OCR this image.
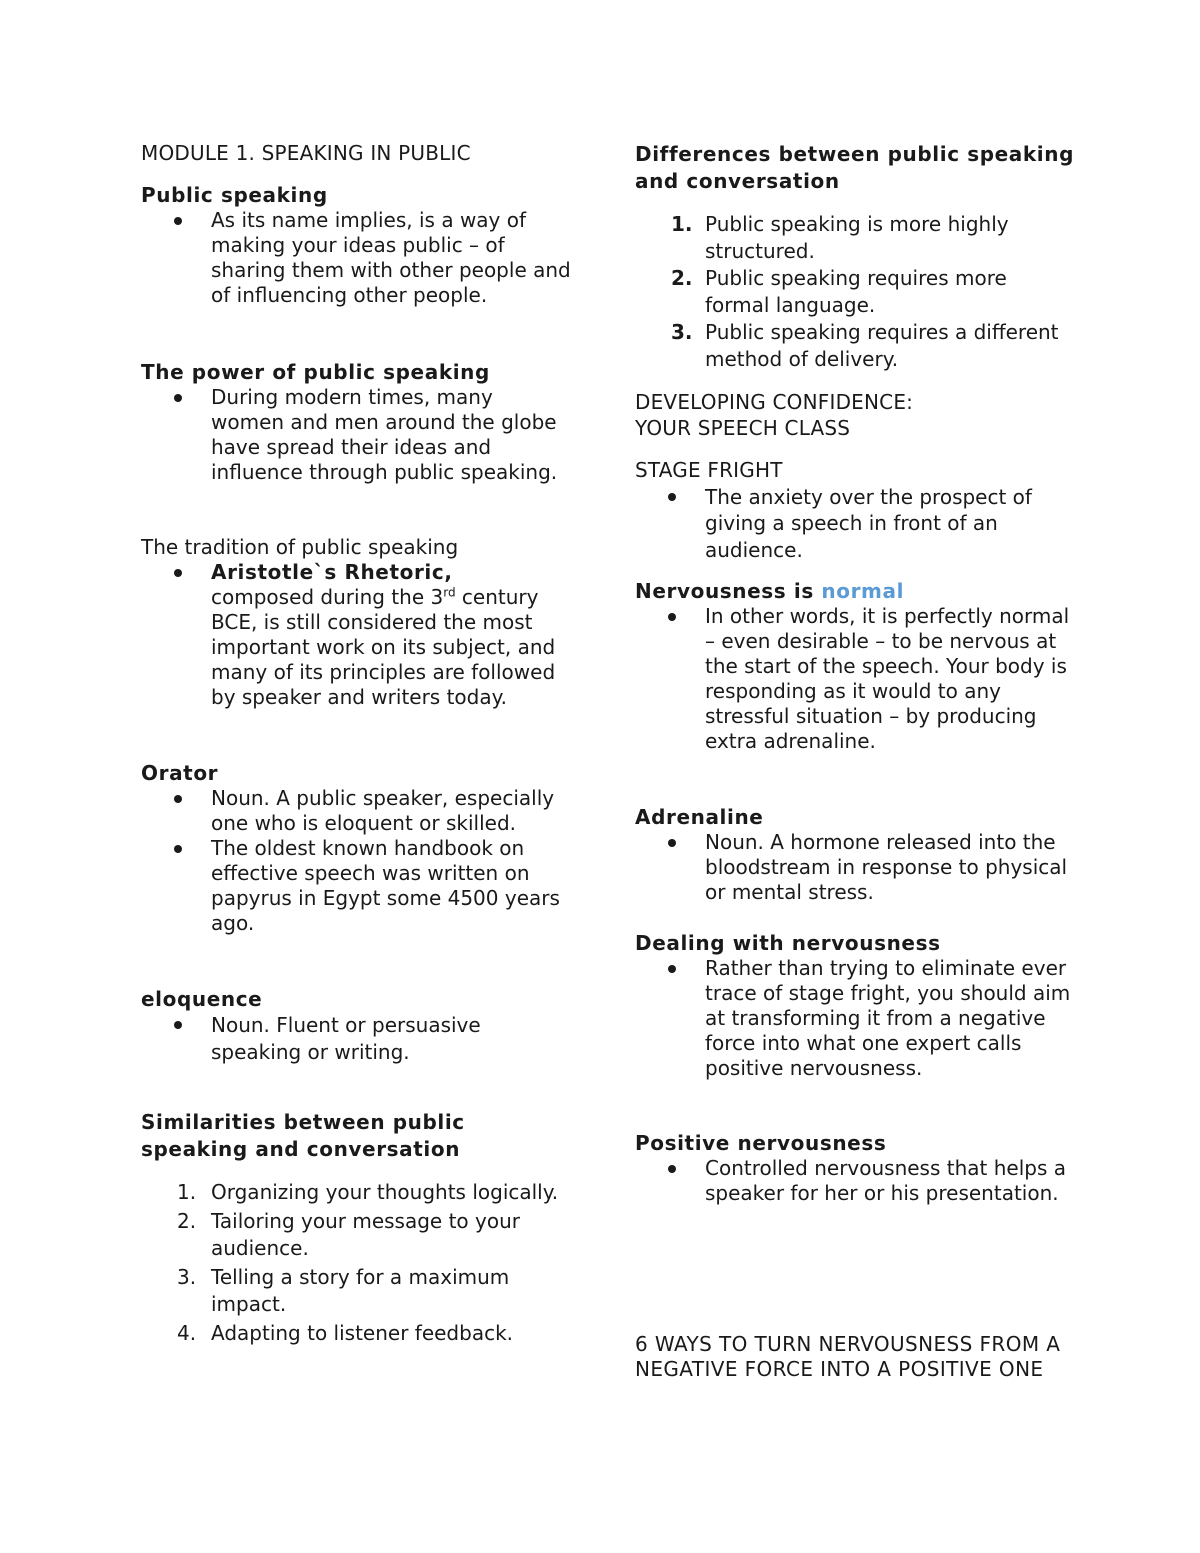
MODULE 1. SPEAKING IN PUBLIC
Public speaking
As its name implies, is a way of making your ideas public – of sharing them with other people and of influencing other people.
The power of public speaking
During modern times, many women and men around the globe have spread their ideas and influence through public speaking.
The tradition of public speaking
Aristotle`s Rhetoric,
composed during the 3rd century BCE, is still considered the most important work on its subject, and many of its principles are followed by speaker and writers today.
Orator
Noun. A public speaker, especially one who is eloquent or skilled.
The oldest known handbook on effective speech was written on papyrus in Egypt some 4500 years ago.
eloquence
Noun. Fluent or persuasive speaking or writing.
Similarities between public speaking and conversation
1. Organizing your thoughts logically.
2. Tailoring your message to your audience.
3. Telling a story for a maximum impact.
4. Adapting to listener feedback.
Differences between public speaking and conversation
1. Public speaking is more highly structured.
2. Public speaking requires more formal language.
3. Public speaking requires a different method of delivery.
DEVELOPING CONFIDENCE:
YOUR SPEECH CLASS
STAGE FRIGHT
The anxiety over the prospect of giving a speech in front of an audience.
Nervousness is normal
In other words, it is perfectly normal – even desirable – to be nervous at the start of the speech. Your body is responding as it would to any stressful situation – by producing extra adrenaline.
Adrenaline
Noun. A hormone released into the bloodstream in response to physical or mental stress.
Dealing with nervousness
Rather than trying to eliminate ever trace of stage fright, you should aim at transforming it from a negative force into what one expert calls positive nervousness.
Positive nervousness
Controlled nervousness that helps a speaker for her or his presentation.
6 WAYS TO TURN NERVOUSNESS FROM A NEGATIVE FORCE INTO A POSITIVE ONE
